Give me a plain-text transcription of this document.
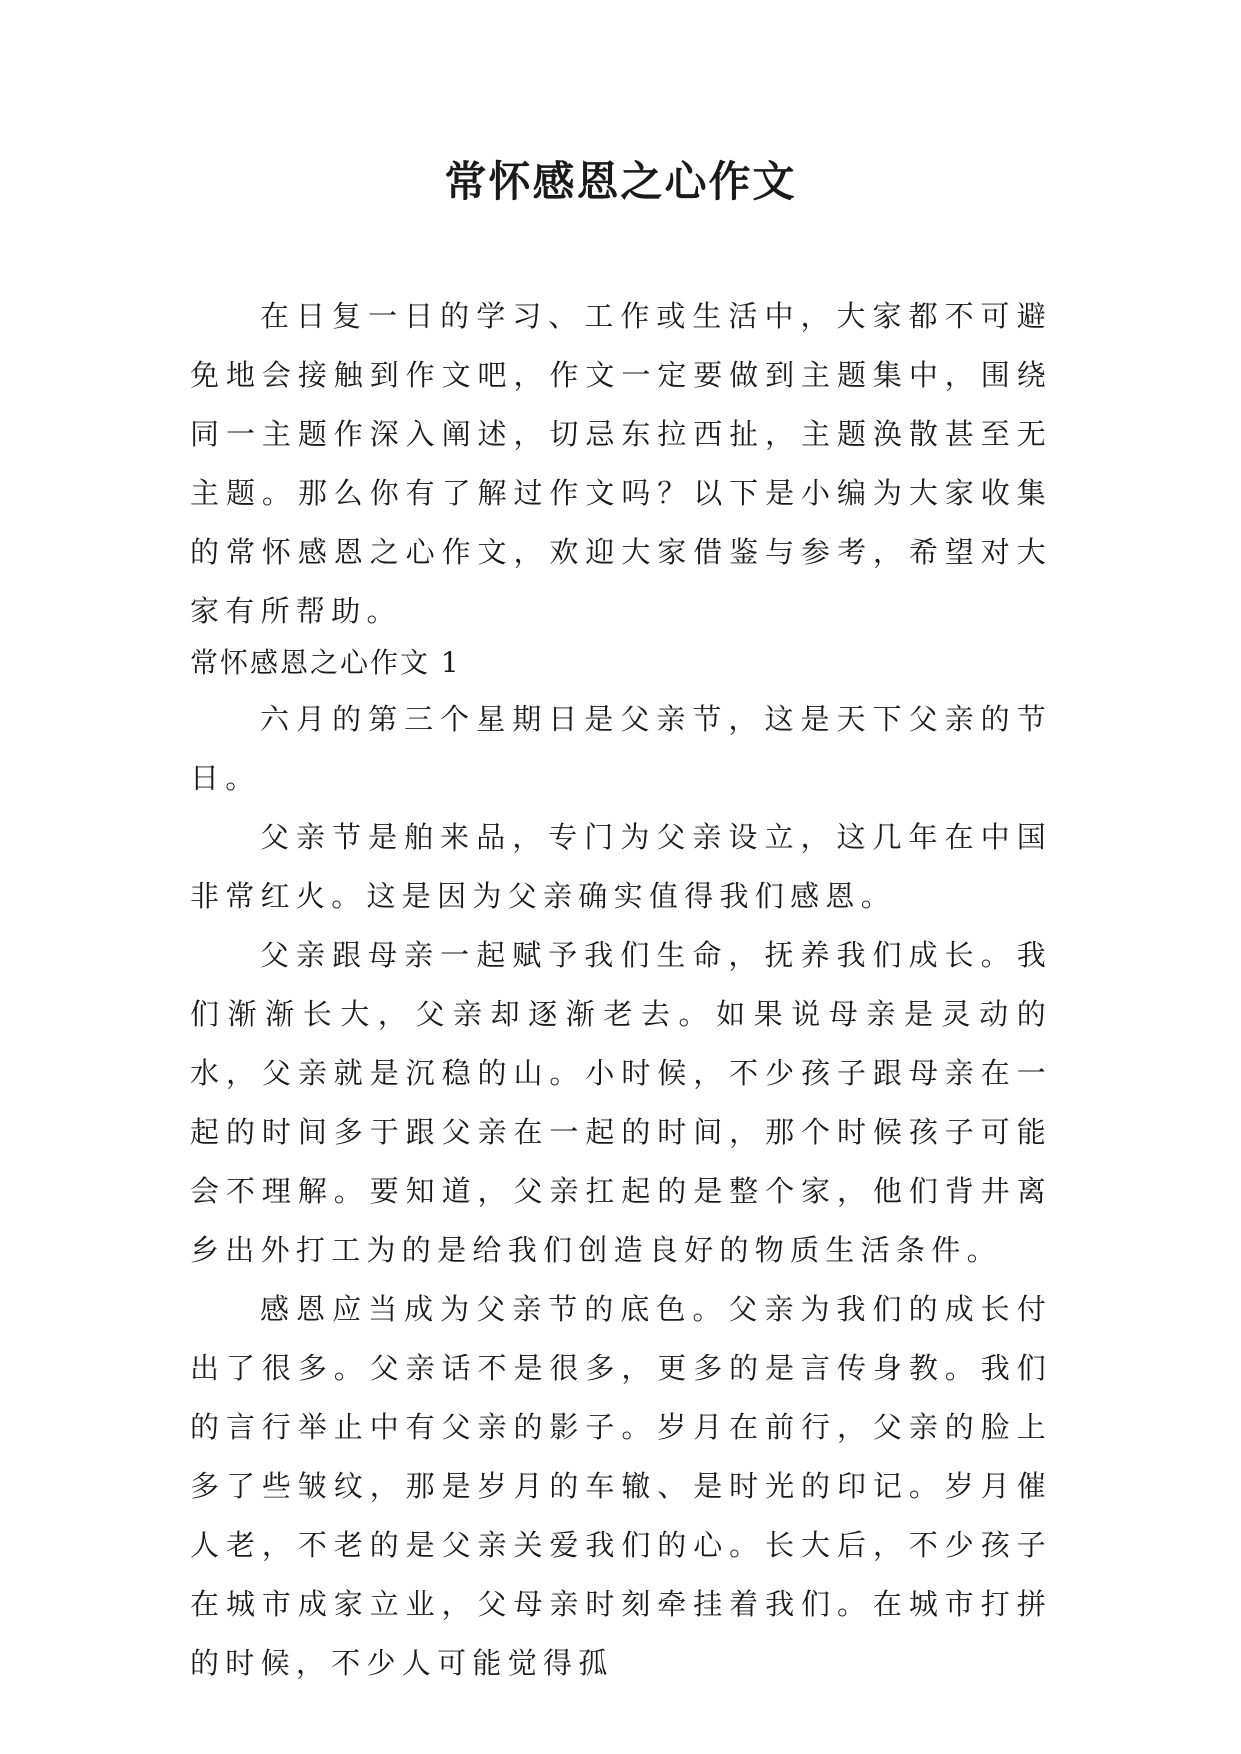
常怀感恩之心作文

在日复一日的学习、工作或生活中，大家都不可避免地会接触到作文吧，作文一定要做到主题集中，围绕同一主题作深入阐述，切忌东拉西扯，主题涣散甚至无主题。那么你有了解过作文吗？以下是小编为大家收集的常怀感恩之心作文，欢迎大家借鉴与参考，希望对大家有所帮助。

常怀感恩之心作文 1

六月的第三个星期日是父亲节，这是天下父亲的节日。

父亲节是舶来品，专门为父亲设立，这几年在中国非常红火。这是因为父亲确实值得我们感恩。

父亲跟母亲一起赋予我们生命，抚养我们成长。我们渐渐长大，父亲却逐渐老去。如果说母亲是灵动的水，父亲就是沉稳的山。小时候，不少孩子跟母亲在一起的时间多于跟父亲在一起的时间，那个时候孩子可能会不理解。要知道，父亲扛起的是整个家，他们背井离乡出外打工为的是给我们创造良好的物质生活条件。

感恩应当成为父亲节的底色。父亲为我们的成长付出了很多。父亲话不是很多，更多的是言传身教。我们的言行举止中有父亲的影子。岁月在前行，父亲的脸上多了些皱纹，那是岁月的车辙、是时光的印记。岁月催人老，不老的是父亲关爱我们的心。长大后，不少孩子在城市成家立业，父母亲时刻牵挂着我们。在城市打拼的时候，不少人可能觉得孤
